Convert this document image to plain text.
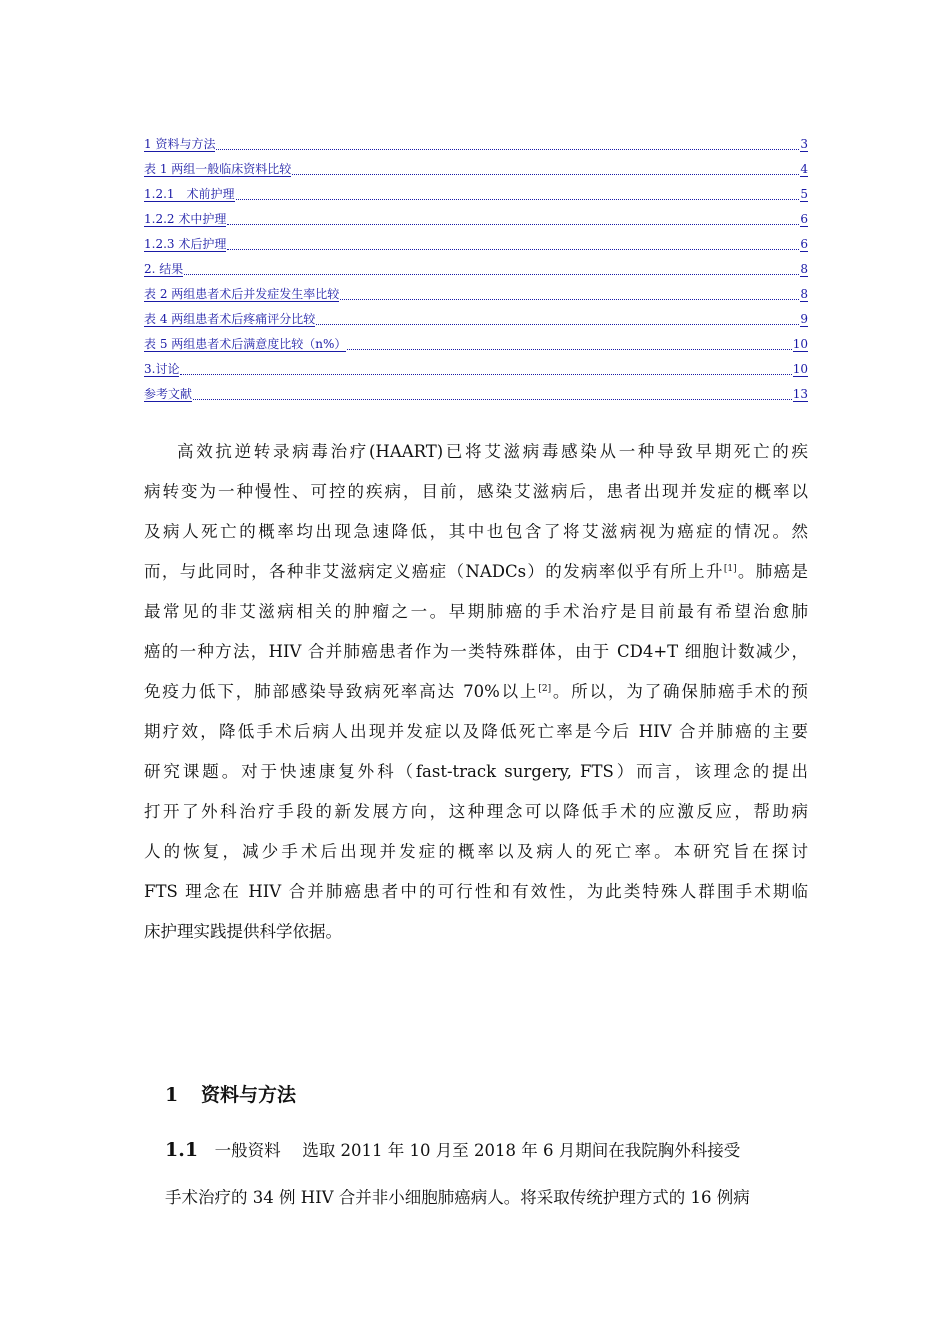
1 资料与方法	3
表 1 两组一般临床资料比较	4
1.2.1　术前护理	5
1.2.2 术中护理	6
1.2.3 术后护理	6
2. 结果	8
表 2 两组患者术后并发症发生率比较	8
表 4 两组患者术后疼痛评分比较	9
表 5 两组患者术后满意度比较（n%）	10
3.讨论	10
参考文献	13
高效抗逆转录病毒治疗(HAART)已将艾滋病毒感染从一种导致早期死亡的疾
病转变为一种慢性、可控的疾病，目前，感染艾滋病后，患者出现并发症的概率以
及病人死亡的概率均出现急速降低，其中也包含了将艾滋病视为癌症的情况。然
而，与此同时，各种非艾滋病定义癌症（NADCs）的发病率似乎有所上升[1]。肺癌是
最常见的非艾滋病相关的肿瘤之一。早期肺癌的手术治疗是目前最有希望治愈肺
癌的一种方法，HIV 合并肺癌患者作为一类特殊群体，由于 CD4+T 细胞计数减少，
免疫力低下，肺部感染导致病死率高达 70%以上[2]。所以，为了确保肺癌手术的预
期疗效，降低手术后病人出现并发症以及降低死亡率是今后 HIV 合并肺癌的主要
研究课题。对于快速康复外科（fast-track surgery, FTS）而言，该理念的提出
打开了外科治疗手段的新发展方向，这种理念可以降低手术的应激反应，帮助病
人的恢复，减少手术后出现并发症的概率以及病人的死亡率。本研究旨在探讨
FTS 理念在 HIV 合并肺癌患者中的可行性和有效性，为此类特殊人群围手术期临
床护理实践提供科学依据。
1 资料与方法
1.1　 一般资料　 选取 2011 年 10 月至 2018 年 6 月期间在我院胸外科接受
手术治疗的 34 例 HIV 合并非小细胞肺癌病人。将采取传统护理方式的 16 例病
